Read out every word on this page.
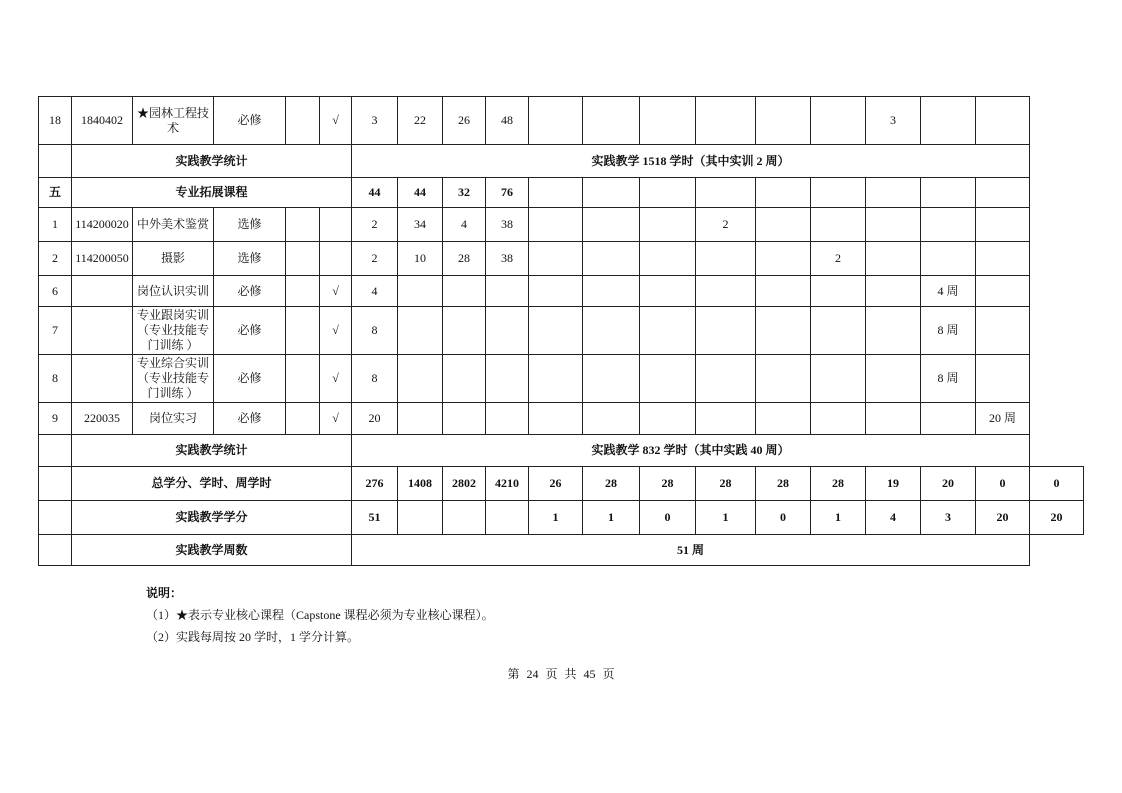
18	1840402	★园林工程技术	必修		√	3	22	26	48							3			
	实践教学统计					实践教学 1518 学时（其中实训 2 周）													
五	专业拓展课程					44	44	32	76										
1	114200020	中外美术鉴赏	选修			2	34	4	38				2						
2	114200050	摄影	选修			2	10	28	38						2				
6		岗位认识实训	必修		√	4											4 周		
7		专业跟岗实训（专业技能专门训练 ）	必修		√	8											8 周		
8		专业综合实训（专业技能专门训练 ）	必修		√	8											8 周		
9	220035	岗位实习	必修		√	20												20 周	
	实践教学统计					实践教学 832 学时（其中实践 40 周）													
	总学分、学时、周学时					276	1408	2802	4210	26	28	28	28	28	28	19	20	0	0
	实践教学学分					51				1	1	0	1	0	1	4	3	20	20
	实践教学周数					51 周													
说明：
（1）★表示专业核心课程（Capstone 课程必须为专业核心课程）。
（2）实践每周按 20 学时，1 学分计算。
第 24 页 共 45 页
